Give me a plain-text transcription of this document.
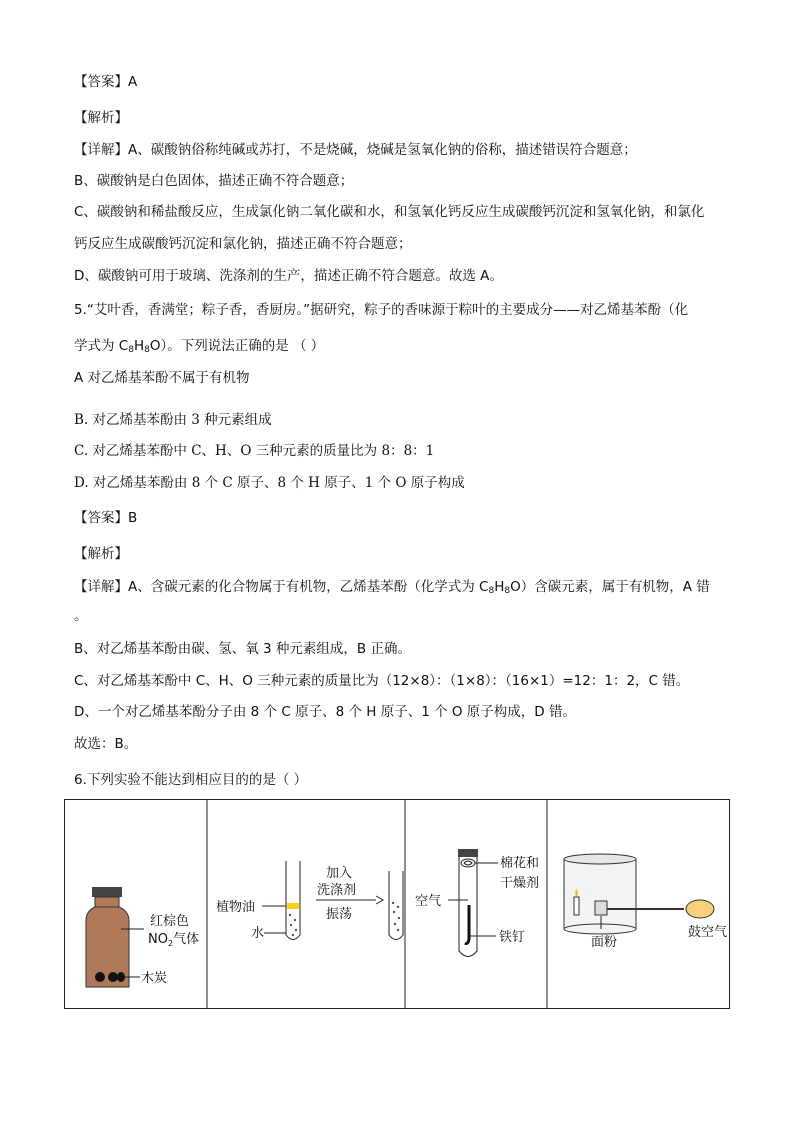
【答案】A
【解析】
【详解】A、碳酸钠俗称纯碱或苏打，不是烧碱，烧碱是氢氧化钠的俗称，描述错误符合题意；
B、碳酸钠是白色固体，描述正确不符合题意；
C、碳酸钠和稀盐酸反应，生成氯化钠二氧化碳和水，和氢氧化钙反应生成碳酸钙沉淀和氢氧化钠，和氯化
钙反应生成碳酸钙沉淀和氯化钠，描述正确不符合题意；
D、碳酸钠可用于玻璃、洗涤剂的生产，描述正确不符合题意。故选 A。
5.“艾叶香，香满堂；粽子香，香厨房。”据研究，粽子的香味源于粽叶的主要成分——对乙烯基苯酚（化
学式为 $C_8H_8O$）。下列说法正确的是 （ ）
A 对乙烯基苯酚不属于有机物
B. 对乙烯基苯酚由 3 种元素组成
C. 对乙烯基苯酚中 C、H、O 三种元素的质量比为 8：8：1
D. 对乙烯基苯酚由 8 个 C 原子、8 个 H 原子、1 个 O 原子构成
【答案】B
【解析】
【详解】A、含碳元素的化合物属于有机物，乙烯基苯酚（化学式为 $C_8H_8O$）含碳元素，属于有机物，A 错
。
B、对乙烯基苯酚由碳、氢、氧 3 种元素组成，B 正确。
C、对乙烯基苯酚中 C、H、O 三种元素的质量比为（12×8）：（1×8）：（16×1）=12：1：2，C 错。
D、一个对乙烯基苯酚分子由 8 个 C 原子、8 个 H 原子、1 个 O 原子构成，D 错。
故选：B。
6.下列实验不能达到相应目的的是（ ）
红棕色
$NO_2$气体
木炭
植物油
水
加入
洗涤剂
振荡
棉花和
干燥剂
空气
铁钉	面粉
鼓空气
